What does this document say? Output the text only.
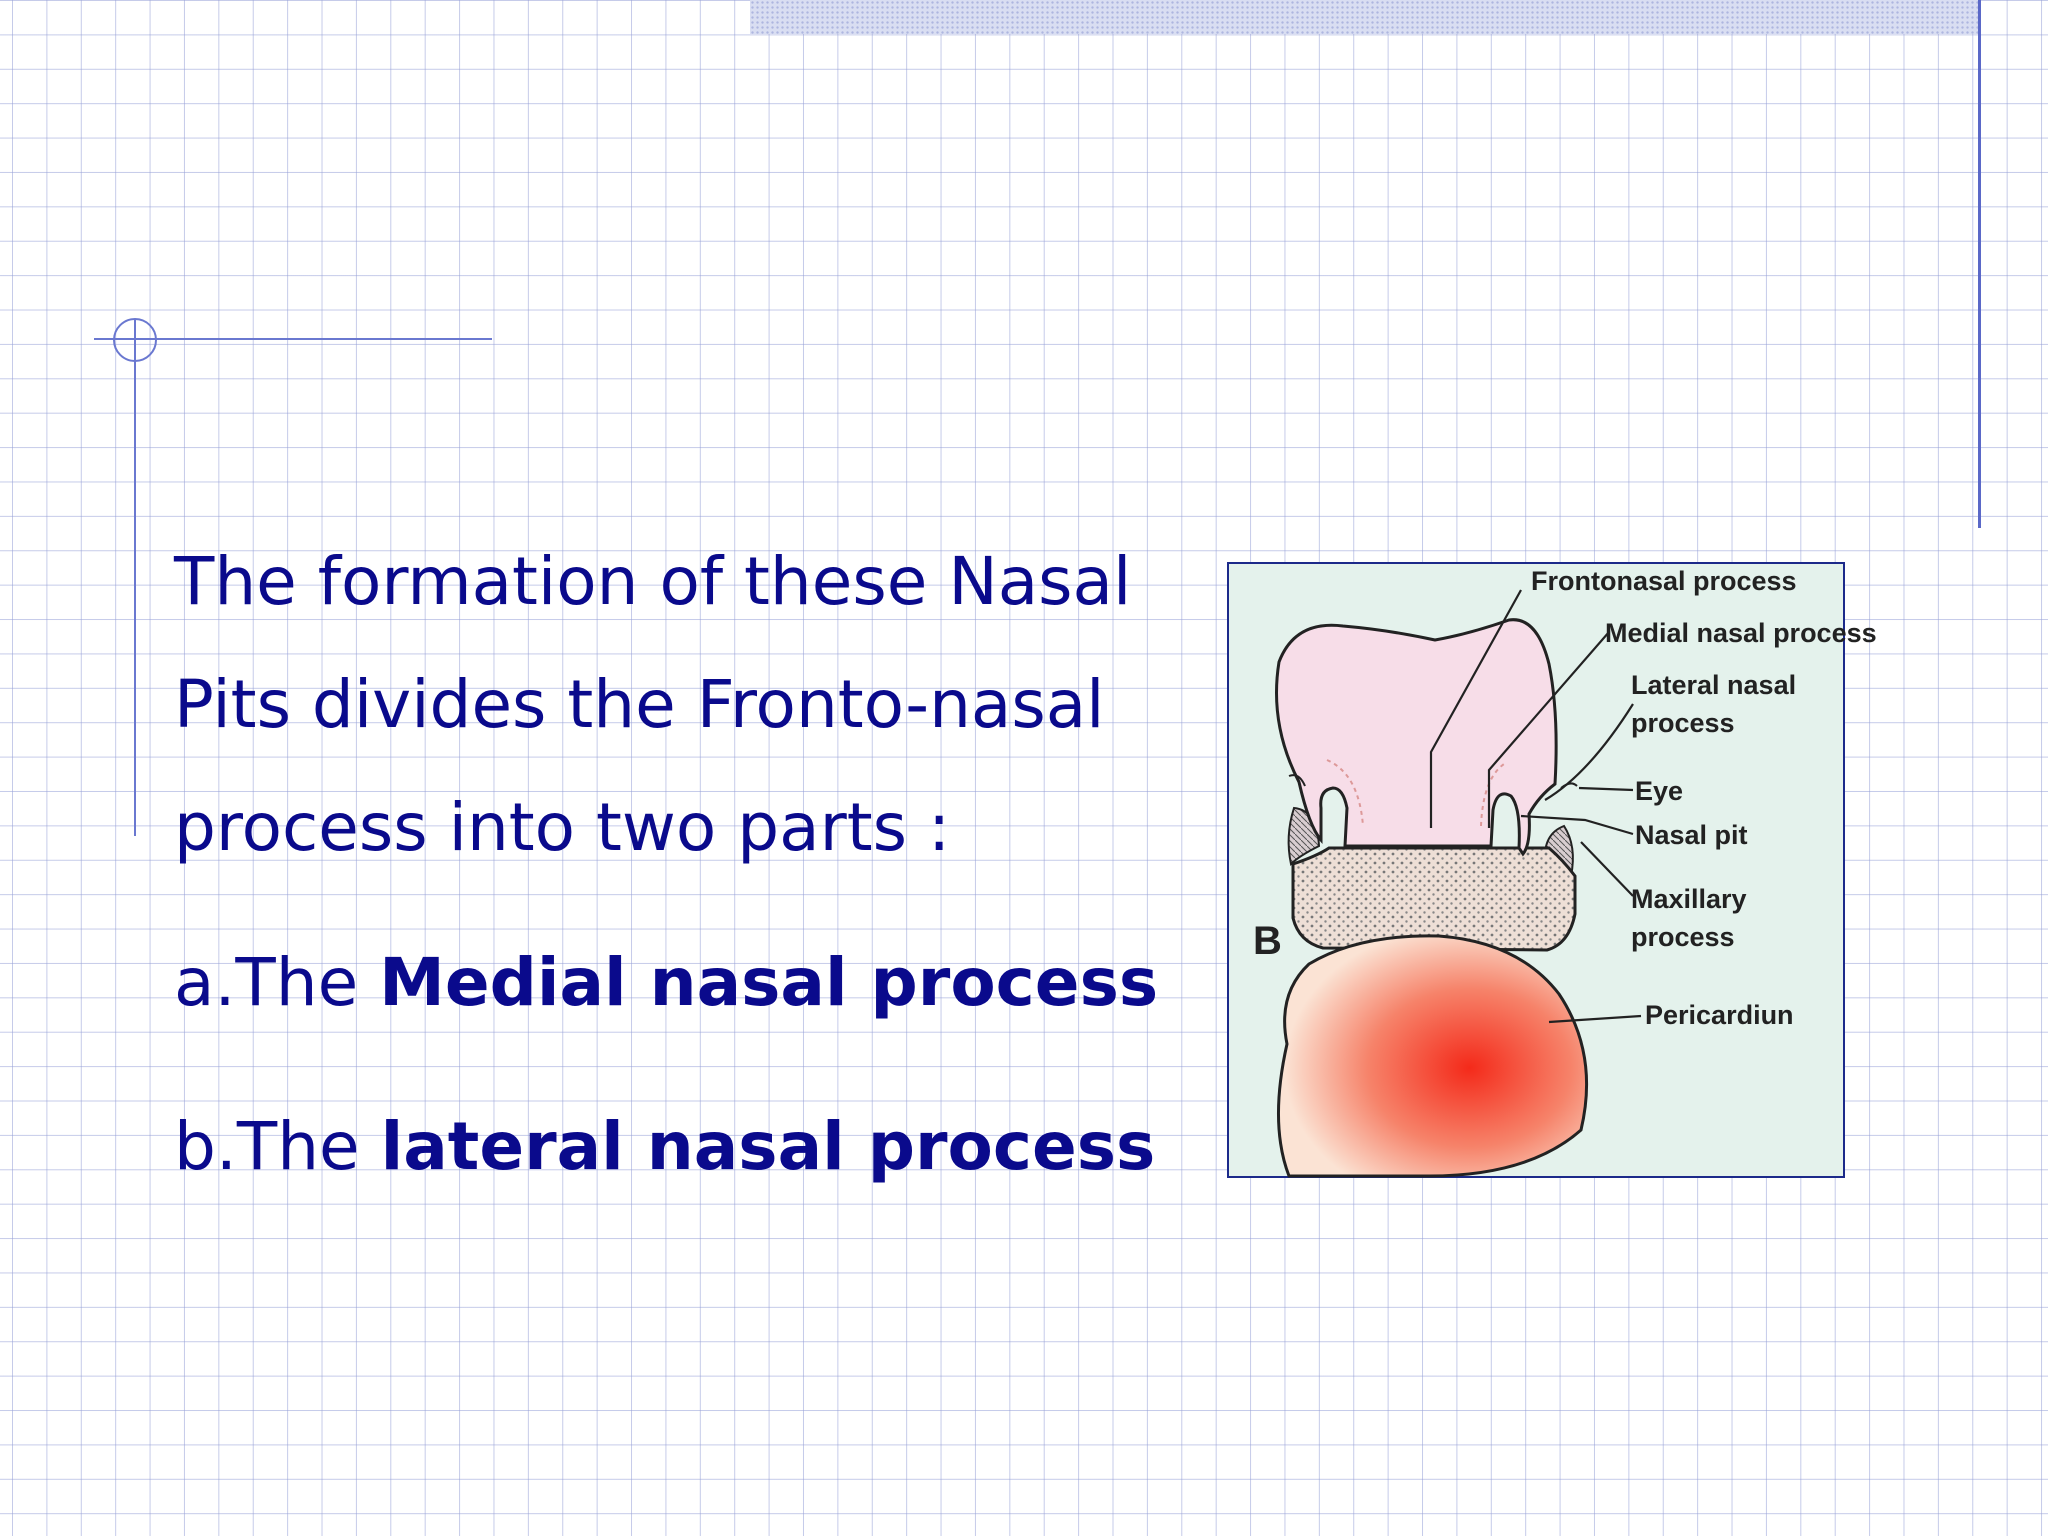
The formation of these Nasal
Pits divides the Fronto-nasal
process into two parts :

a.The Medial nasal process

b.The lateral nasal process

Frontonasal process
Medial nasal process
Lateral nasal
process
Eye
Nasal pit
Maxillary
process
Pericardiun
B
